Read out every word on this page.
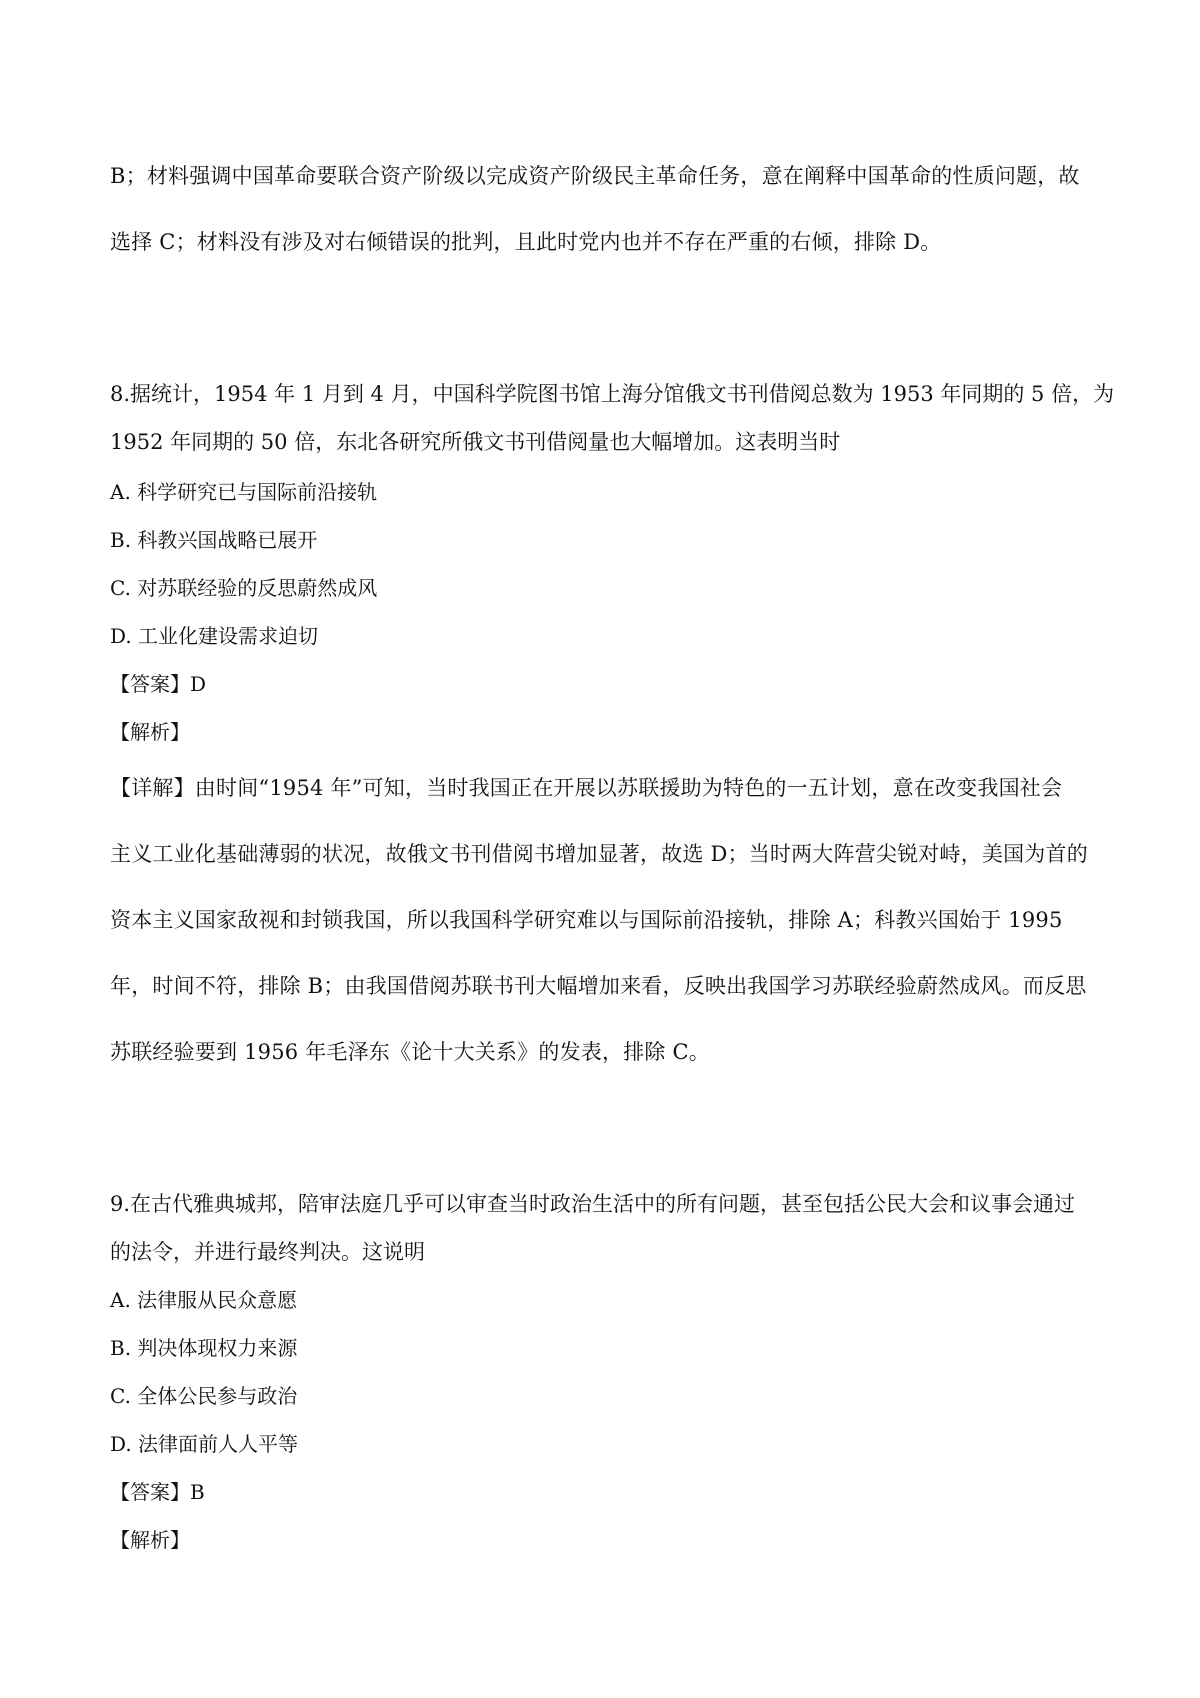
B；材料强调中国革命要联合资产阶级以完成资产阶级民主革命任务，意在阐释中国革命的性质问题，故
选择 C；材料没有涉及对右倾错误的批判，且此时党内也并不存在严重的右倾，排除 D。
8.据统计，1954 年 1 月到 4 月，中国科学院图书馆上海分馆俄文书刊借阅总数为 1953 年同期的 5 倍，为
1952 年同期的 50 倍，东北各研究所俄文书刊借阅量也大幅增加。这表明当时
A. 科学研究已与国际前沿接轨
B. 科教兴国战略已展开
C. 对苏联经验的反思蔚然成风
D. 工业化建设需求迫切
【答案】D
【解析】
【详解】由时间“1954 年”可知，当时我国正在开展以苏联援助为特色的一五计划，意在改变我国社会
主义工业化基础薄弱的状况，故俄文书刊借阅书增加显著，故选 D；当时两大阵营尖锐对峙，美国为首的
资本主义国家敌视和封锁我国，所以我国科学研究难以与国际前沿接轨，排除 A；科教兴国始于 1995
年，时间不符，排除 B；由我国借阅苏联书刊大幅增加来看，反映出我国学习苏联经验蔚然成风。而反思
苏联经验要到 1956 年毛泽东《论十大关系》的发表，排除 C。
9.在古代雅典城邦，陪审法庭几乎可以审查当时政治生活中的所有问题，甚至包括公民大会和议事会通过
的法令，并进行最终判决。这说明
A. 法律服从民众意愿
B. 判决体现权力来源
C. 全体公民参与政治
D. 法律面前人人平等
【答案】B
【解析】
